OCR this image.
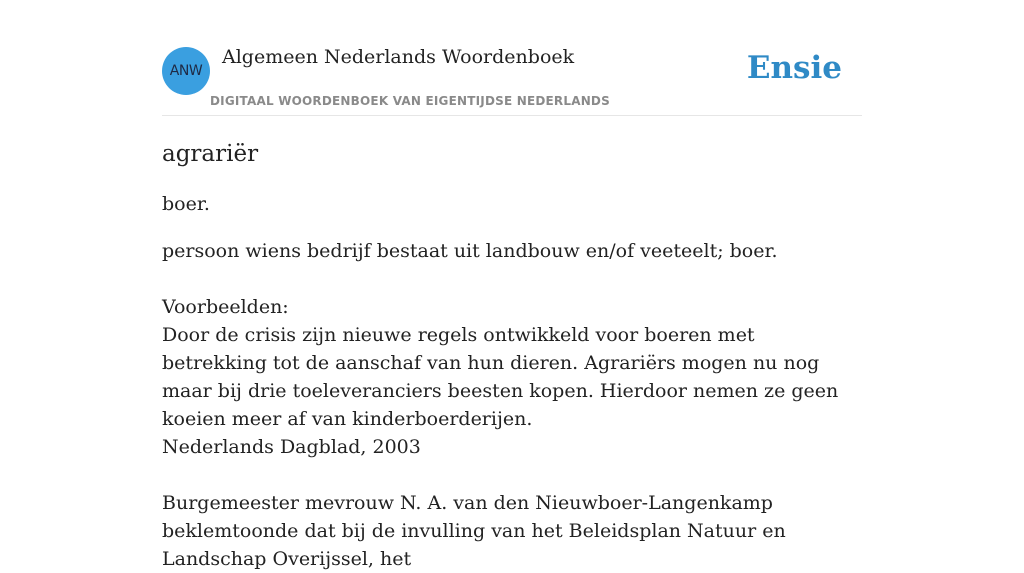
ANW
Algemeen Nederlands Woordenboek
DIGITAAL WOORDENBOEK VAN EIGENTIJDSE NEDERLANDS
Ensie
agrariër

boer.

persoon wiens bedrijf bestaat uit landbouw en/of veeteelt; boer.

Voorbeelden:

Door de crisis zijn nieuwe regels ontwikkeld voor boeren met betrekking tot de aanschaf van hun dieren. Agrariërs mogen nu nog maar bij drie toeleveranciers beesten kopen. Hierdoor nemen ze geen koeien meer af van kinderboerderijen.

Nederlands Dagblad, 2003

Burgemeester mevrouw N. A. van den Nieuwboer-Langenkamp beklemtoonde dat bij de invulling van het Beleidsplan Natuur en Landschap Overijssel, het
